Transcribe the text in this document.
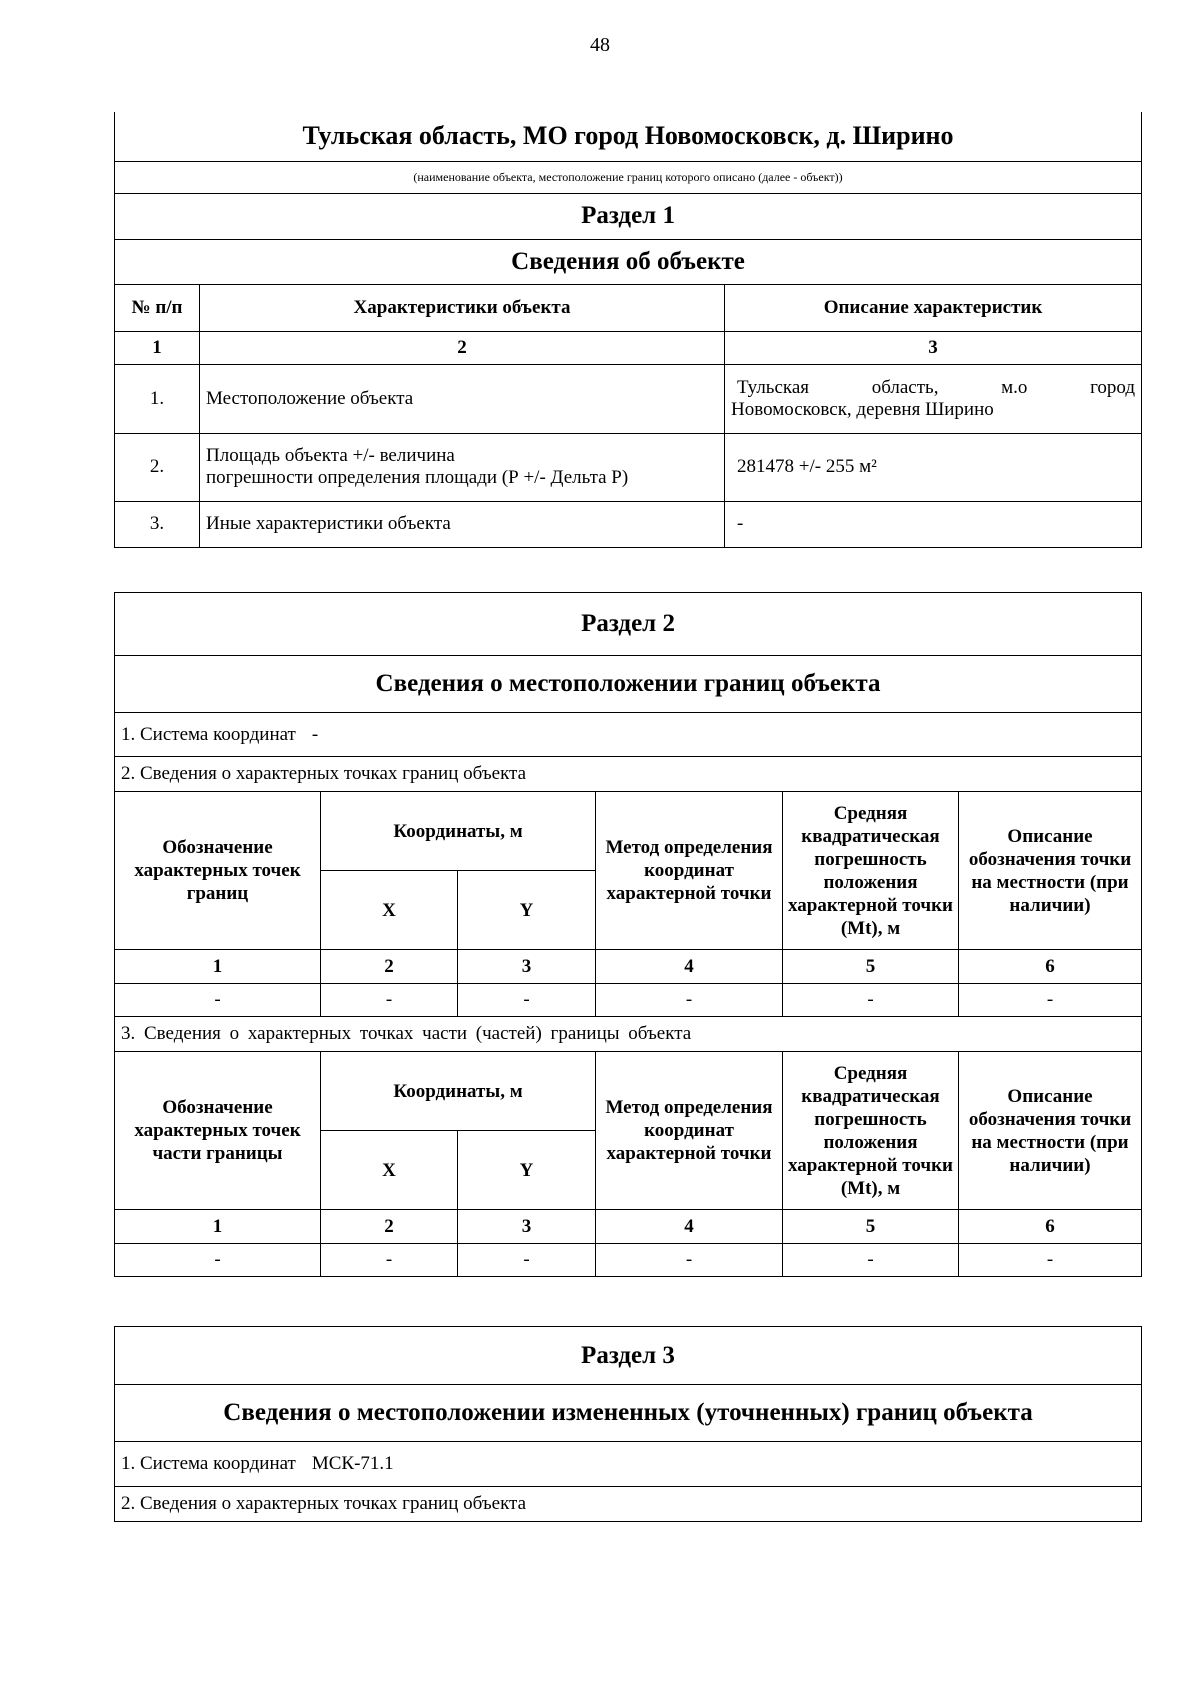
48
Тульская область, МО город Новомосковск, д. Ширино		
(наименование объекта, местоположение границ которого описано (далее - объект))		
Раздел 1		
Сведения об объекте		
№ п/п	Характеристики объекта	Описание характеристик
1	2	3
1.	Местоположение объекта	Тульская область, м.о город
Новомосковск, деревня Ширино

2.	Площадь объекта +/- величина
погрешности определения площади (Р +/- Дельта Р)	281478 +/- 255 м²
3.	Иные характеристики объекта	-
Раздел 2					
Сведения о местоположении границ объекта					
1. Система координат -					
2. Сведения о характерных точках границ объекта					
Обозначение характерных точек границ	Координаты, м		Метод определения координат характерной точки	Средняя квадратическая погрешность положения характерной точки (Mt), м	Описание обозначения точки на местности (при наличии)
	X	Y			
1	2	3	4	5	6
-	-	-	-	-	-
3. Сведения о характерных точках части (частей) границы объекта					
Обозначение характерных точек части границы	Координаты, м		Метод определения координат характерной точки	Средняя квадратическая погрешность положения характерной точки (Mt), м	Описание обозначения точки на местности (при наличии)
	X	Y			
1	2	3	4	5	6
-	-	-	-	-	-
Раздел 3
Сведения о местоположении измененных (уточненных) границ объекта
1. Система координат МСК-71.1
2. Сведения о характерных точках границ объекта
